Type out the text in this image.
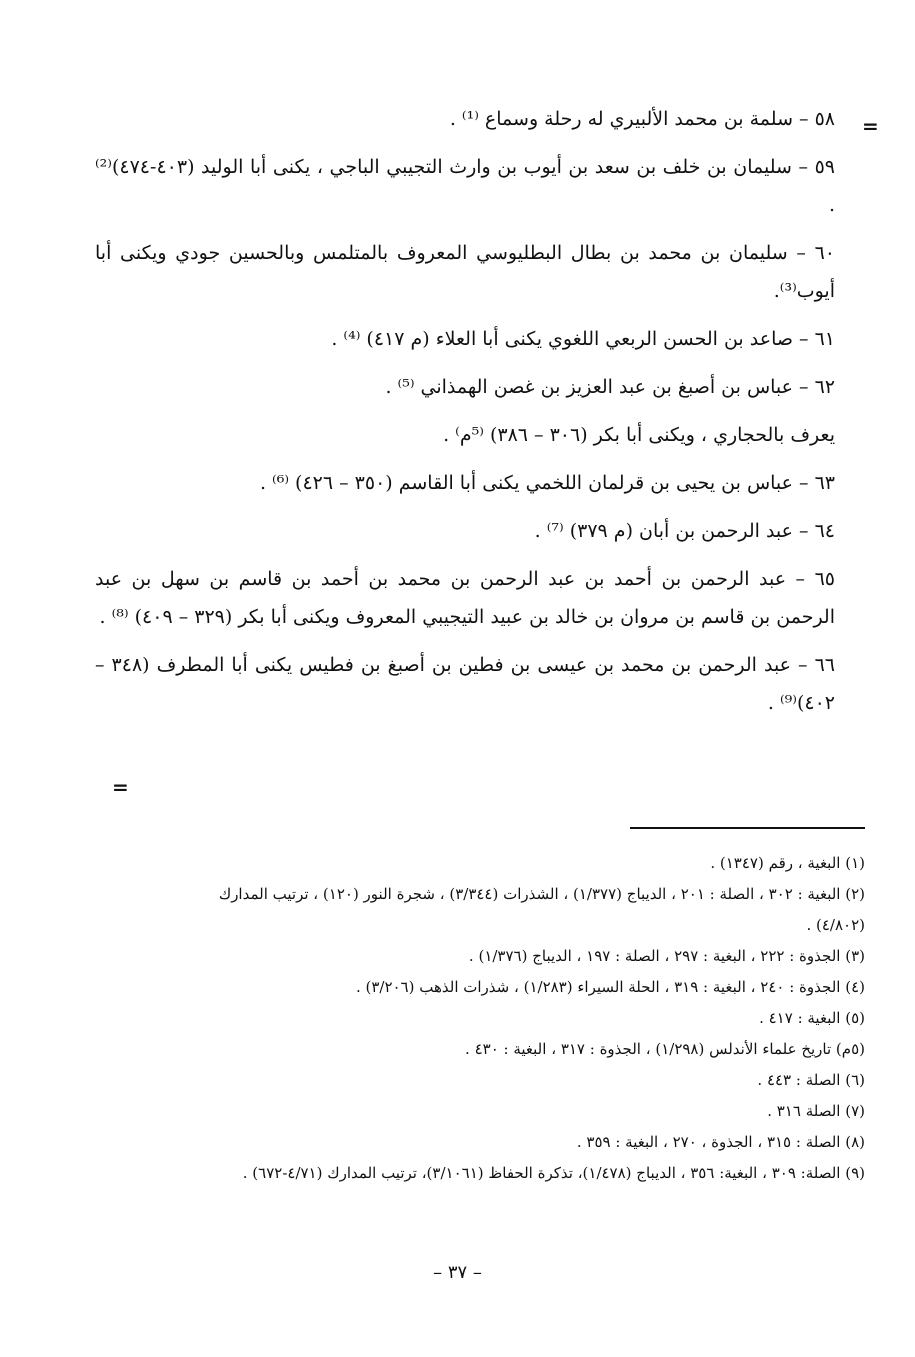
=
=

٥٨ – سلمة بن محمد الألبيري له رحلة وسماع ⁽¹⁾ .

٥٩ – سليمان بن خلف بن سعد بن أيوب بن وارث التجيبي الباجي ، يكنى أبا الوليد (٤٠٣-٤٧٤)⁽²⁾ .

٦٠ – سليمان بن محمد بن بطال البطليوسي المعروف بالمتلمس وبالحسين جودي ويكنى أبا أيوب⁽³⁾.

٦١ – صاعد بن الحسن الربعي اللغوي يكنى أبا العلاء (م ٤١٧) ⁽⁴⁾ .

٦٢ – عباس بن أصبغ بن عبد العزيز بن غصن الهمذاني ⁽⁵⁾ .

يعرف بالحجاري ، ويكنى أبا بكر (٣٠٦ – ٣٨٦) ⁽⁵م⁾ .

٦٣ – عباس بن يحيى بن قرلمان اللخمي يكنى أبا القاسم (٣٥٠ – ٤٢٦) ⁽⁶⁾ .

٦٤ – عبد الرحمن بن أبان (م ٣٧٩) ⁽⁷⁾ .

٦٥ – عبد الرحمن بن أحمد بن عبد الرحمن بن محمد بن أحمد بن قاسم بن سهل بن عبد الرحمن بن قاسم بن مروان بن خالد بن عبيد التيجيبي المعروف ويكنى أبا بكر (٣٢٩ – ٤٠٩) ⁽⁸⁾ .

٦٦ – عبد الرحمن بن محمد بن عيسى بن فطين بن أصبغ بن فطيس يكنى أبا المطرف (٣٤٨ – ٤٠٢)⁽⁹⁾ .

(١) البغية ، رقم (١٣٤٧) .

(٢) البغية : ٣٠٢ ، الصلة : ٢٠١ ، الديباج (١/٣٧٧) ، الشذرات (٣/٣٤٤) ، شجرة النور (١٢٠) ، ترتيب المدارك

(٤/٨٠٢) .

(٣) الجذوة : ٢٢٢ ، البغية : ٢٩٧ ، الصلة : ١٩٧ ، الديباج (١/٣٧٦) .

(٤) الجذوة : ٢٤٠ ، البغية : ٣١٩ ، الحلة السيراء (١/٢٨٣) ، شذرات الذهب (٣/٢٠٦) .

(٥) البغية : ٤١٧ .

(٥م) تاريخ علماء الأندلس (١/٢٩٨) ، الجذوة : ٣١٧ ، البغية : ٤٣٠ .

(٦) الصلة : ٤٤٣ .

(٧) الصلة ٣١٦ .

(٨) الصلة : ٣١٥ ، الجذوة ، ٢٧٠ ، البغية : ٣٥٩ .

(٩) الصلة: ٣٠٩ ، البغية: ٣٥٦ ، الديباج (١/٤٧٨)، تذكرة الحفاظ (٣/١٠٦١)، ترتيب المدارك (٤/٧١-٦٧٢) .

– ٣٧ –
